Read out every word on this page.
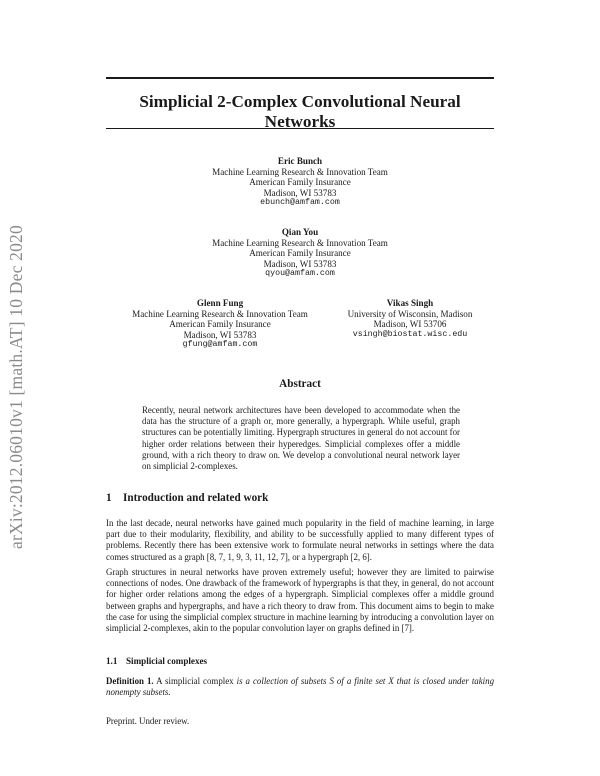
arXiv:2012.06010v1 [math.AT] 10 Dec 2020
Simplicial 2-Complex Convolutional Neural Networks
Eric Bunch
Machine Learning Research & Innovation Team
American Family Insurance
Madison, WI 53783
ebunch@amfam.com
Qian You
Machine Learning Research & Innovation Team
American Family Insurance
Madison, WI 53783
qyou@amfam.com
Glenn Fung
Machine Learning Research & Innovation Team
American Family Insurance
Madison, WI 53783
gfung@amfam.com
Vikas Singh
University of Wisconsin, Madison
Madison, WI 53706
vsingh@biostat.wisc.edu
Abstract

Recently, neural network architectures have been developed to accommodate when the data has the structure of a graph or, more generally, a hypergraph. While useful, graph structures can be potentially limiting. Hypergraph structures in general do not account for higher order relations between their hyperedges. Simplicial complexes offer a middle ground, with a rich theory to draw on. We develop a convolutional neural network layer on simplicial 2-complexes.

1 Introduction and related work

In the last decade, neural networks have gained much popularity in the field of machine learning, in large part due to their modularity, flexibility, and ability to be successfully applied to many different types of problems. Recently there has been extensive work to formulate neural networks in settings where the data comes structured as a graph [8, 7, 1, 9, 3, 11, 12, 7], or a hypergraph [2, 6].

Graph structures in neural networks have proven extremely useful; however they are limited to pairwise connections of nodes. One drawback of the framework of hypergraphs is that they, in general, do not account for higher order relations among the edges of a hypergraph. Simplicial complexes offer a middle ground between graphs and hypergraphs, and have a rich theory to draw from. This document aims to begin to make the case for using the simplicial complex structure in machine learning by introducing a convolution layer on simplicial 2-complexes, akin to the popular convolution layer on graphs defined in [7].

1.1 Simplicial complexes

Definition 1. A simplicial complex is a collection of subsets S of a finite set X that is closed under taking nonempty subsets.

Preprint. Under review.
